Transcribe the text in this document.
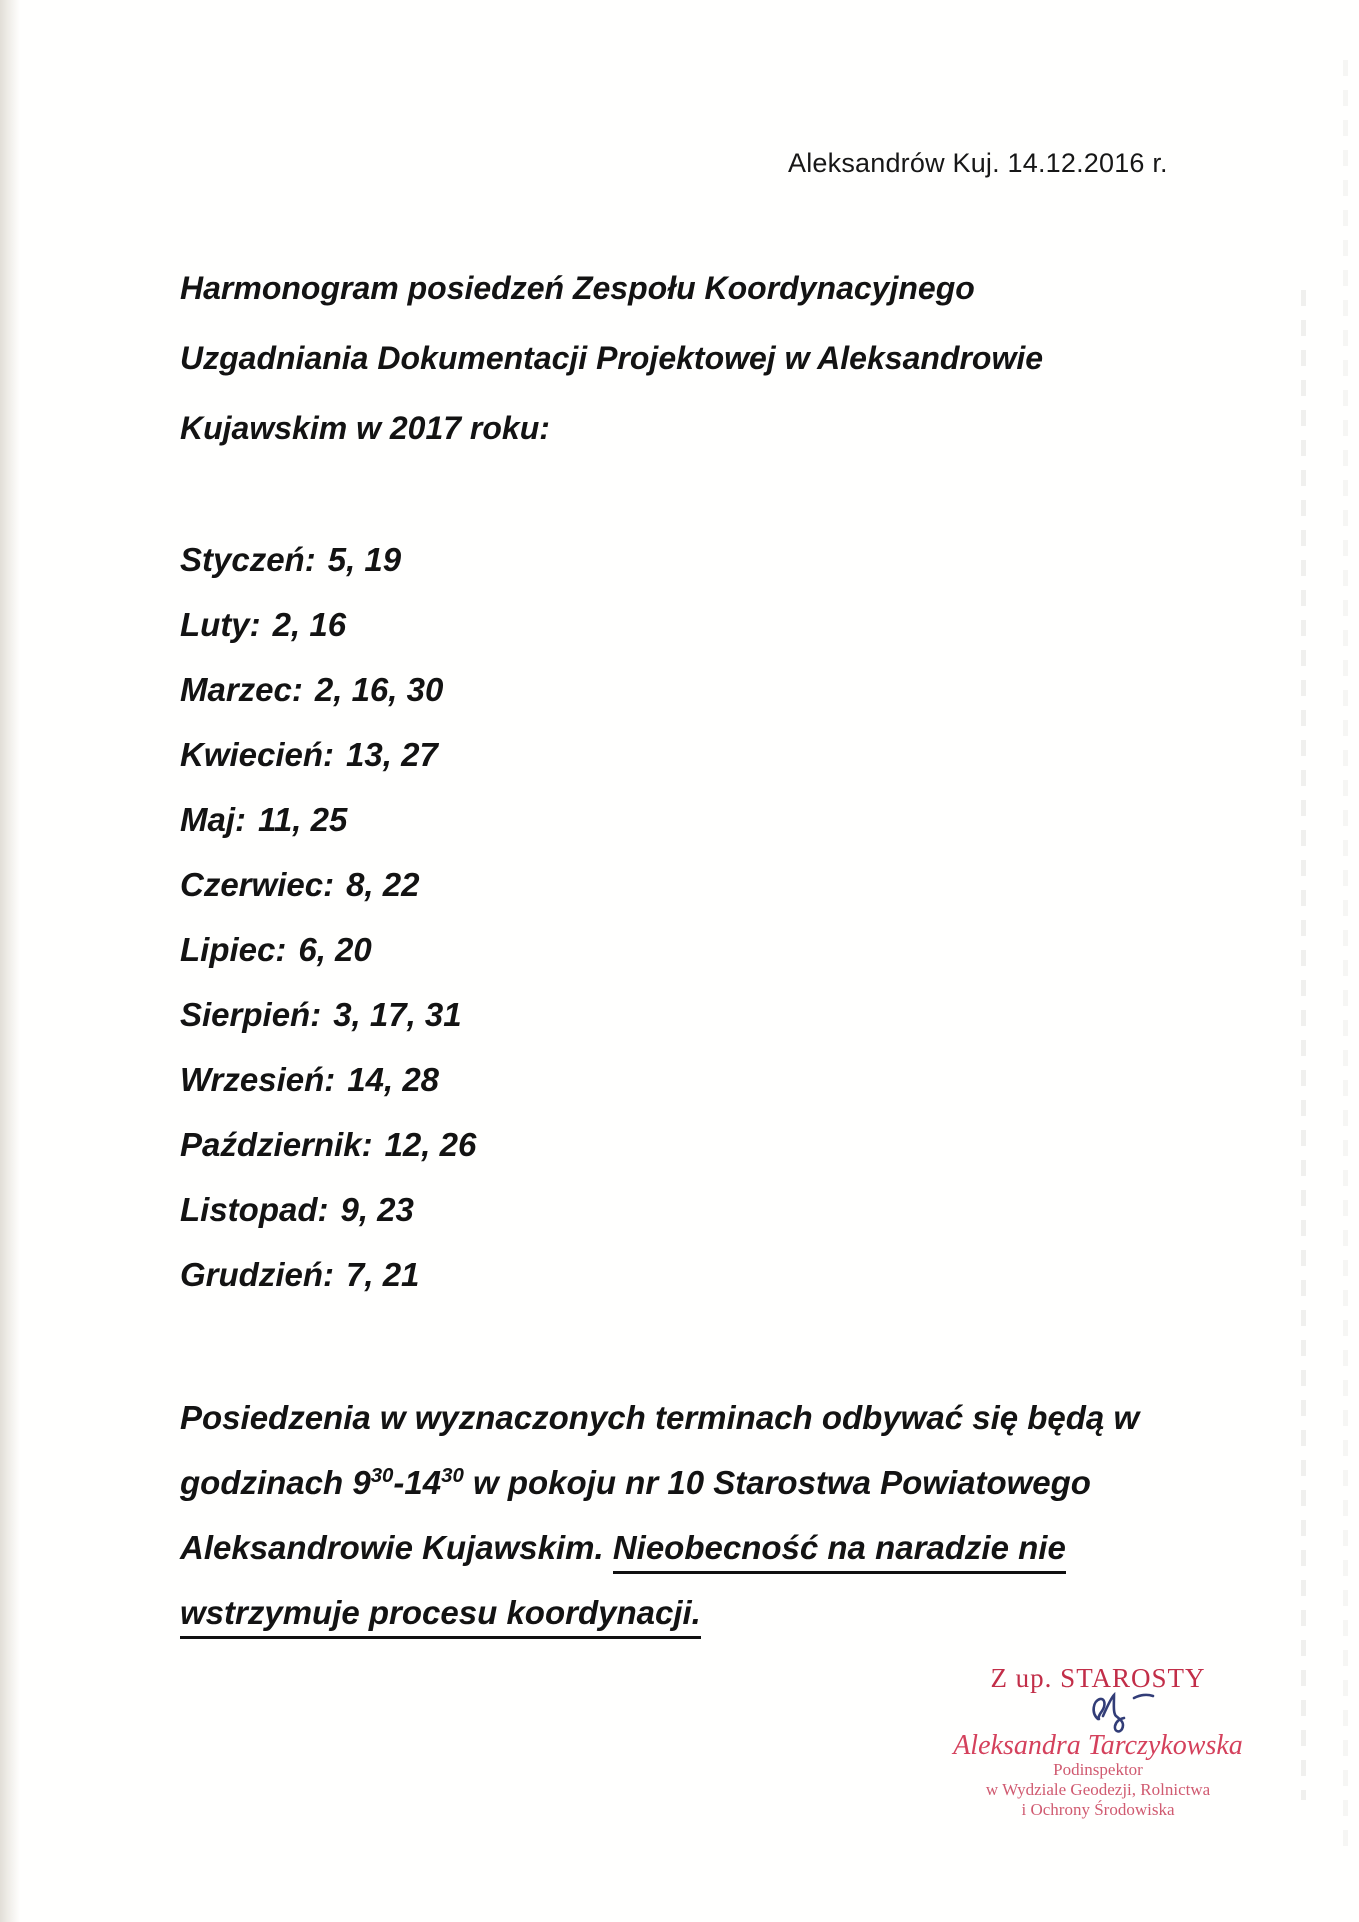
Aleksandrów Kuj. 14.12.2016 r.
Harmonogram posiedzeń Zespołu Koordynacyjnego
Uzgadniania Dokumentacji Projektowej w Aleksandrowie
Kujawskim w 2017 roku:
Styczeń: 5, 19
Luty: 2, 16
Marzec: 2, 16, 30
Kwiecień: 13, 27
Maj: 11, 25
Czerwiec: 8, 22
Lipiec: 6, 20
Sierpień: 3, 17, 31
Wrzesień: 14, 28
Październik: 12, 26
Listopad: 9, 23
Grudzień: 7, 21
Posiedzenia w wyznaczonych terminach odbywać się będą w
godzinach $9^{30}-14^{30}$ w pokoju nr 10 Starostwa Powiatowego
Aleksandrowie Kujawskim. Nieobecność na naradzie nie
wstrzymuje procesu koordynacji.
Z up. STAROSTY
Aleksandra Tarczykowska
Podinspektor
w Wydziale Geodezji, Rolnictwa
i Ochrony Środowiska
